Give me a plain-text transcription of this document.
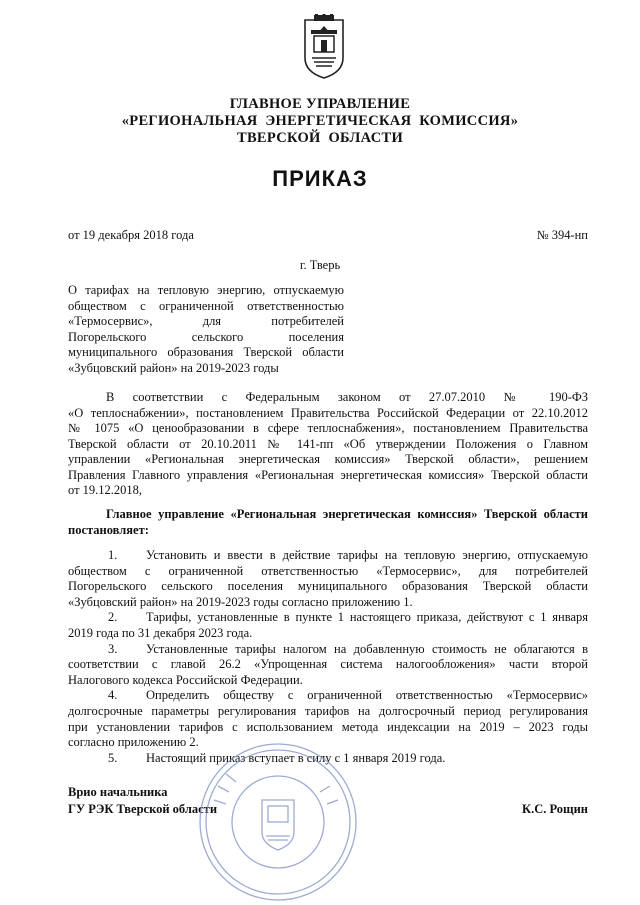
ГЛАВНОЕ УПРАВЛЕНИЕ
«РЕГИОНАЛЬНАЯ  ЭНЕРГЕТИЧЕСКАЯ  КОМИССИЯ»
ТВЕРСКОЙ  ОБЛАСТИ
ПРИКАЗ
от 19 декабря 2018 года	№ 394-нп
г. Тверь
О тарифах на тепловую энергию, отпускаемую
обществом с ограниченной ответственностью
«Термосервис», для потребителей
Погорельского сельского поселения
муниципального образования Тверской области
«Зубцовский район» на 2019-2023 годы
В соответствии с Федеральным законом от 27.07.2010 № 190-ФЗ
«О теплоснабжении», постановлением Правительства Российской Федерации от 22.10.2012
№ 1075 «О ценообразовании в сфере теплоснабжения», постановлением Правительства
Тверской области от 20.10.2011 № 141-пп «Об утверждении Положения о Главном
управлении «Региональная энергетическая комиссия» Тверской области», решением
Правления Главного управления «Региональная энергетическая комиссия» Тверской области
от 19.12.2018,
Главное управление «Региональная энергетическая комиссия» Тверской области
постановляет:
1.	Установить и ввести в действие тарифы на тепловую энергию, отпускаемую
обществом с ограниченной ответственностью «Термосервис», для потребителей
Погорельского сельского поселения муниципального образования Тверской области
«Зубцовский район» на 2019-2023 годы согласно приложению 1.
2.	Тарифы, установленные в пункте 1 настоящего приказа, действуют с 1 января
2019 года по 31 декабря 2023 года.
3.	Установленные тарифы налогом на добавленную стоимость не облагаются в
соответствии с главой 26.2 «Упрощенная система налогообложения» части второй
Налогового кодекса Российской Федерации.
4.	Определить обществу с ограниченной ответственностью «Термосервис»
долгосрочные параметры регулирования тарифов на долгосрочный период регулирования
при установлении тарифов с использованием метода индексации на 2019 – 2023 годы
согласно приложению 2.
5.	Настоящий приказ вступает в силу с 1 января 2019 года.
Врио начальника
ГУ РЭК Тверской области	К.С. Рощин
